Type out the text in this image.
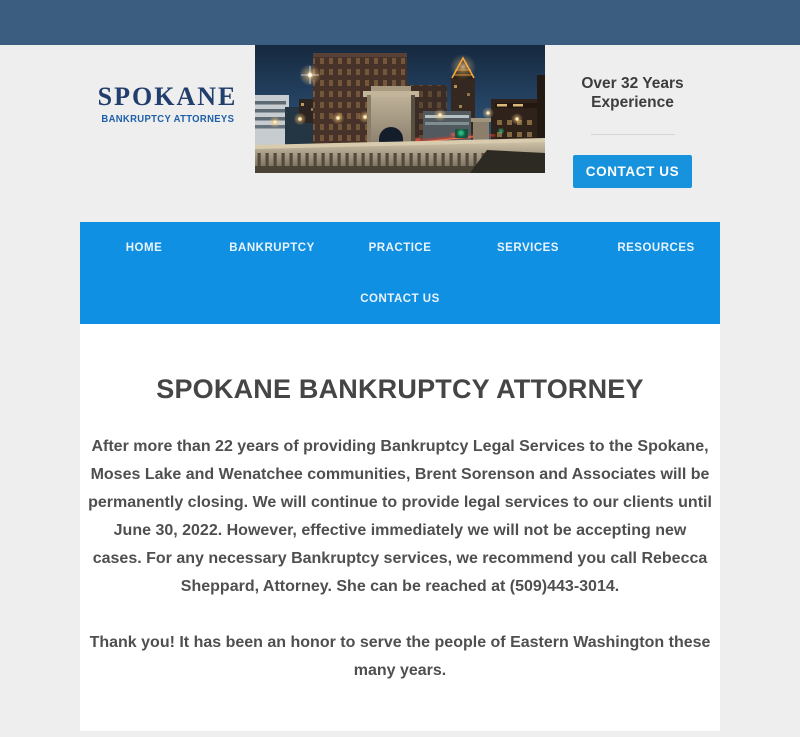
SPOKANE
BANKRUPTCY ATTORNEYS
Over 32 Years
Experience
CONTACT US
HOME	BANKRUPTCY	PRACTICE	SERVICES	RESOURCES
CONTACT US
SPOKANE BANKRUPTCY ATTORNEY

After more than 22 years of providing Bankruptcy Legal Services to the Spokane, Moses Lake and Wenatchee communities, Brent Sorenson and Associates will be permanently closing. We will continue to provide legal services to our clients until June 30, 2022. However, effective immediately we will not be accepting new cases. For any necessary Bankruptcy services, we recommend you call Rebecca Sheppard, Attorney. She can be reached at (509)443-3014.

Thank you! It has been an honor to serve the people of Eastern Washington these many years.
